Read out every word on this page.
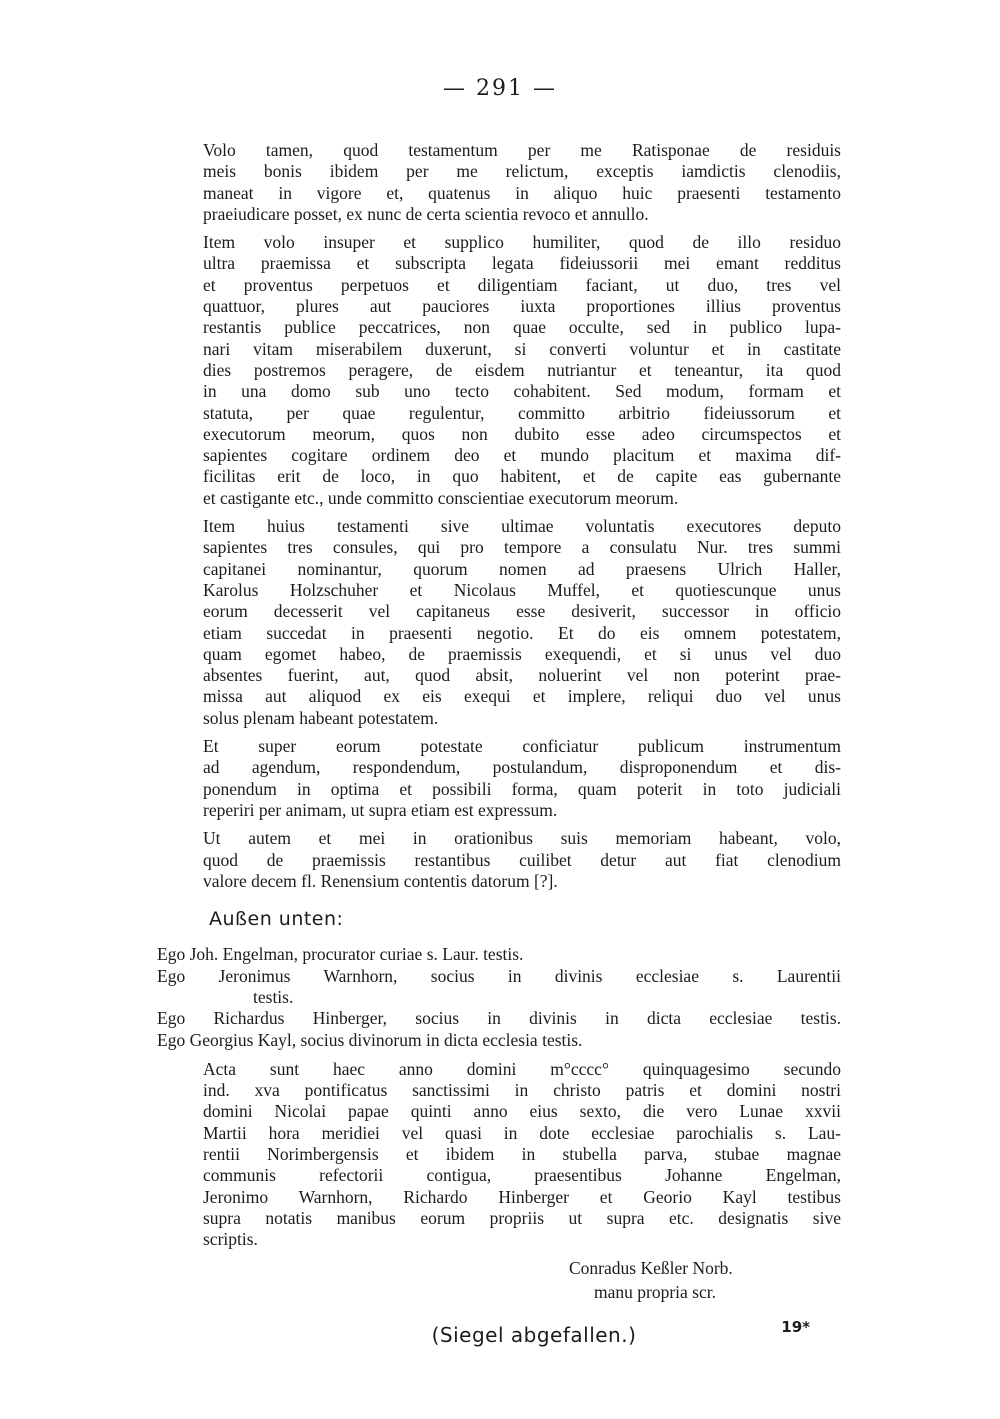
— 291 —
Volo tamen, quod testamentum per me Ratisponae de residuis
meis bonis ibidem per me relictum, exceptis iamdictis clenodiis,
maneat in vigore et, quatenus in aliquo huic praesenti testamento
praeiudicare posset, ex nunc de certa scientia revoco et annullo.
Item volo insuper et supplico humiliter, quod de illo residuo
ultra praemissa et subscripta legata fideiussorii mei emant redditus
et proventus perpetuos et diligentiam faciant, ut duo, tres vel
quattuor, plures aut pauciores iuxta proportiones illius proventus
restantis publice peccatrices, non quae occulte, sed in publico lupa-
nari vitam miserabilem duxerunt, si converti voluntur et in castitate
dies postremos peragere, de eisdem nutriantur et teneantur, ita quod
in una domo sub uno tecto cohabitent. Sed modum, formam et
statuta, per quae regulentur, committo arbitrio fideiussorum et
executorum meorum, quos non dubito esse adeo circumspectos et
sapientes cogitare ordinem deo et mundo placitum et maxima dif-
ficilitas erit de loco, in quo habitent, et de capite eas gubernante
et castigante etc., unde committo conscientiae executorum meorum.
Item huius testamenti sive ultimae voluntatis executores deputo
sapientes tres consules, qui pro tempore a consulatu Nur. tres summi
capitanei nominantur, quorum nomen ad praesens Ulrich Haller,
Karolus Holzschuher et Nicolaus Muffel, et quotiescunque unus
eorum decesserit vel capitaneus esse desiverit, successor in officio
etiam succedat in praesenti negotio. Et do eis omnem potestatem,
quam egomet habeo, de praemissis exequendi, et si unus vel duo
absentes fuerint, aut, quod absit, noluerint vel non poterint prae-
missa aut aliquod ex eis exequi et implere, reliqui duo vel unus
solus plenam habeant potestatem.
Et super eorum potestate conficiatur publicum instrumentum
ad agendum, respondendum, postulandum, disproponendum et dis-
ponendum in optima et possibili forma, quam poterit in toto judiciali
reperiri per animam, ut supra etiam est expressum.
Ut autem et mei in orationibus suis memoriam habeant, volo,
quod de praemissis restantibus cuilibet detur aut fiat clenodium
valore decem fl. Renensium contentis datorum [?].
Außen unten:
Ego Joh. Engelman, procurator curiae s. Laur. testis.
Ego Jeronimus Warnhorn, socius in divinis ecclesiae s. Laurentii
testis.
Ego Richardus Hinberger, socius in divinis in dicta ecclesiae testis.
Ego Georgius Kayl, socius divinorum in dicta ecclesia testis.
Acta sunt haec anno domini m°cccc° quinquagesimo secundo
ind. xva pontificatus sanctissimi in christo patris et domini nostri
domini Nicolai papae quinti anno eius sexto, die vero Lunae xxvii
Martii hora meridiei vel quasi in dote ecclesiae parochialis s. Lau-
rentii Norimbergensis et ibidem in stubella parva, stubae magnae
communis refectorii contigua, praesentibus Johanne Engelman,
Jeronimo Warnhorn, Richardo Hinberger et Georio Kayl testibus
supra notatis manibus eorum propriis ut supra etc. designatis sive
scriptis.
Conradus Keßler Norb.
manu propria scr.
(Siegel abgefallen.)	19*
